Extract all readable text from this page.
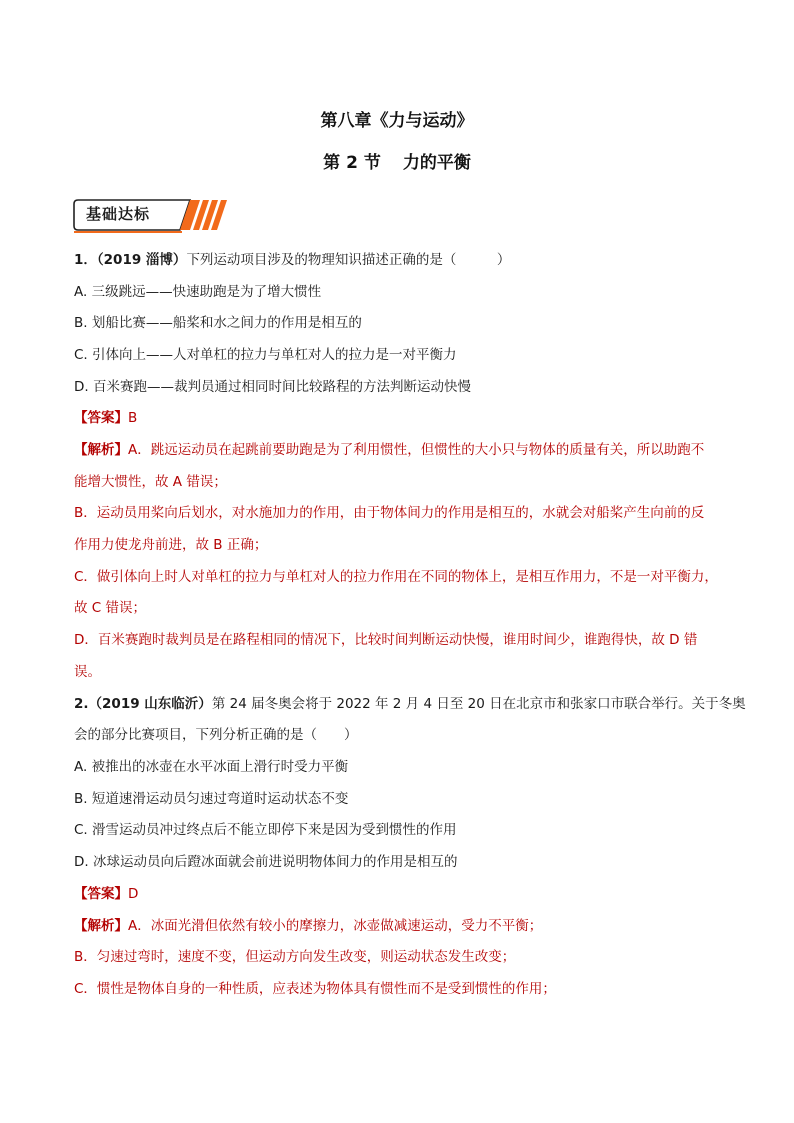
第八章《力与运动》
第 2 节 力的平衡
基础达标
1．（2019 淄博）下列运动项目涉及的物理知识描述正确的是（　　　）
A. 三级跳远——快速助跑是为了增大惯性
B. 划船比赛——船桨和水之间力的作用是相互的
C. 引体向上——人对单杠的拉力与单杠对人的拉力是一对平衡力
D. 百米赛跑——裁判员通过相同时间比较路程的方法判断运动快慢
【答案】B
【解析】A．跳远运动员在起跳前要助跑是为了利用惯性，但惯性的大小只与物体的质量有关，所以助跑不
能增大惯性，故 A 错误；
B．运动员用桨向后划水，对水施加力的作用，由于物体间力的作用是相互的，水就会对船桨产生向前的反
作用力使龙舟前进，故 B 正确；
C．做引体向上时人对单杠的拉力与单杠对人的拉力作用在不同的物体上，是相互作用力，不是一对平衡力，
故 C 错误；
D．百米赛跑时裁判员是在路程相同的情况下，比较时间判断运动快慢，谁用时间少，谁跑得快，故 D 错
误。
2.（2019 山东临沂）第 24 届冬奥会将于 2022 年 2 月 4 日至 20 日在北京市和张家口市联合举行。关于冬奥
会的部分比赛项目，下列分析正确的是（　　）
A. 被推出的冰壶在水平冰面上滑行时受力平衡
B. 短道速滑运动员匀速过弯道时运动状态不变
C. 滑雪运动员冲过终点后不能立即停下来是因为受到惯性的作用
D. 冰球运动员向后蹬冰面就会前进说明物体间力的作用是相互的
【答案】D
【解析】A．冰面光滑但依然有较小的摩擦力，冰壶做减速运动，受力不平衡；
B．匀速过弯时，速度不变，但运动方向发生改变，则运动状态发生改变；
C．惯性是物体自身的一种性质，应表述为物体具有惯性而不是受到惯性的作用；
